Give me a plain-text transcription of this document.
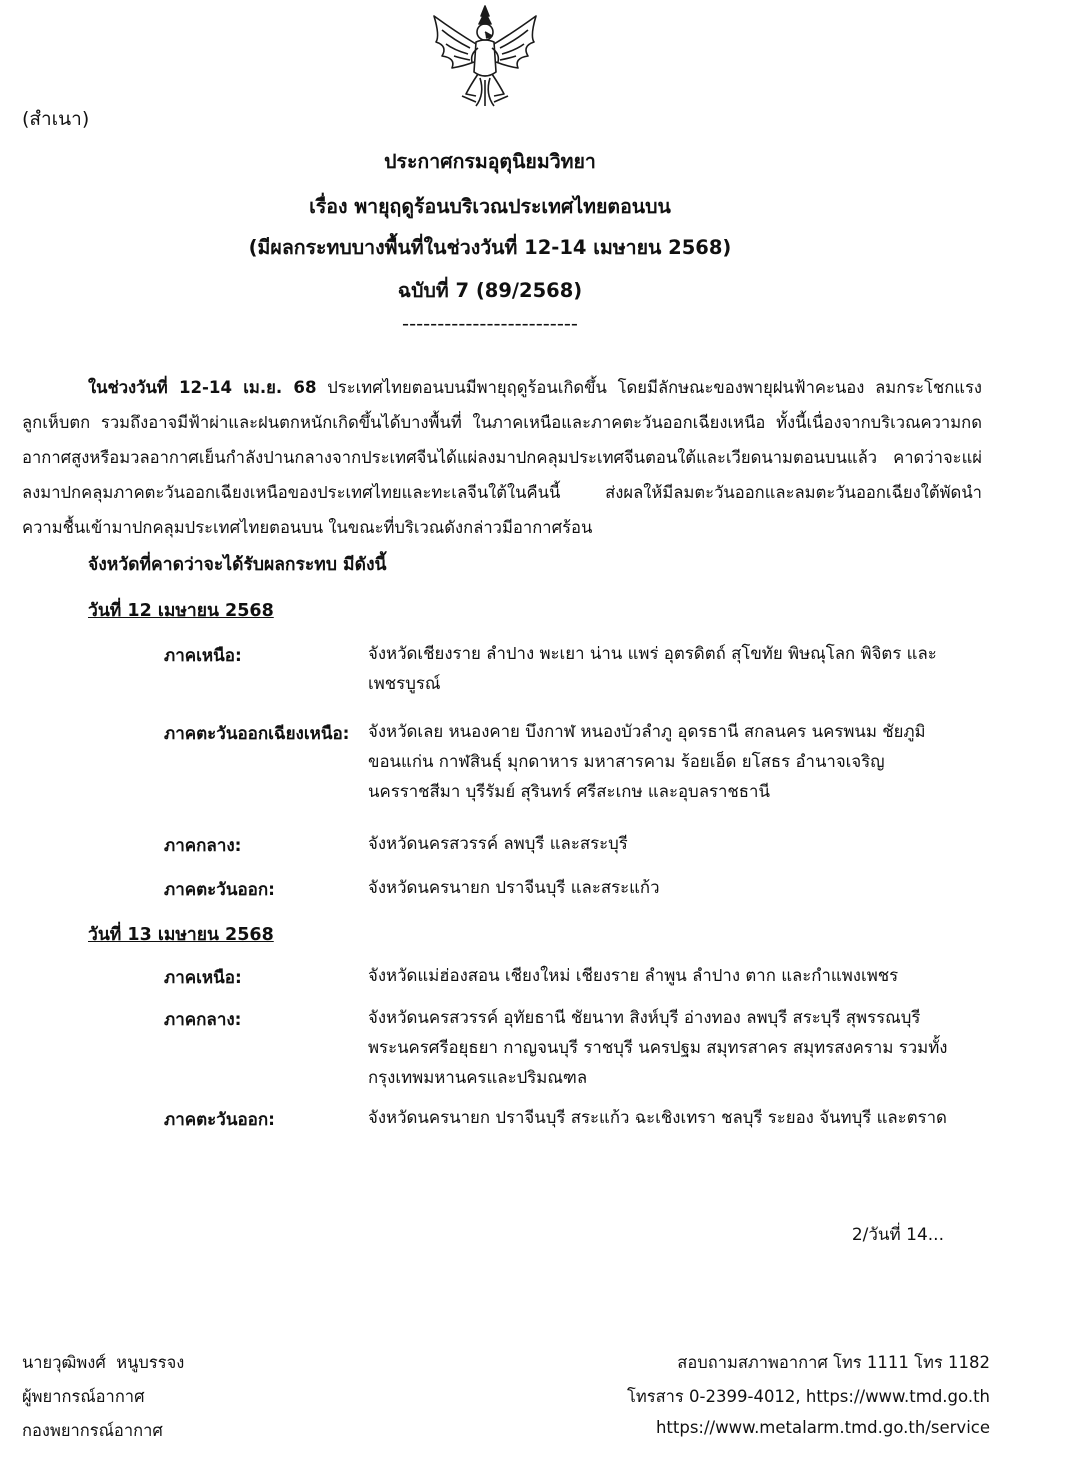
(สำเนา)
ประกาศกรมอุตุนิยมวิทยา
เรื่อง พายุฤดูร้อนบริเวณประเทศไทยตอนบน
(มีผลกระทบบางพื้นที่ในช่วงวันที่ 12-14 เมษายน 2568)
ฉบับที่ 7 (89/2568)
-------------------------
ในช่วงวันที่ 12-14 เม.ย. 68 ประเทศไทยตอนบนมีพายุฤดูร้อนเกิดขึ้น โดยมีลักษณะของพายุฝนฟ้าคะนอง ลมกระโชกแรง ลูกเห็บตก รวมถึงอาจมีฟ้าผ่าและฝนตกหนักเกิดขึ้นได้บางพื้นที่ ในภาคเหนือและภาคตะวันออกเฉียงเหนือ ทั้งนี้เนื่องจากบริเวณความกดอากาศสูงหรือมวลอากาศเย็นกำลังปานกลางจากประเทศจีนได้แผ่ลงมาปกคลุมประเทศจีนตอนใต้และเวียดนามตอนบนแล้ว คาดว่าจะแผ่ลงมาปกคลุมภาคตะวันออกเฉียงเหนือของประเทศไทยและทะเลจีนใต้ในคืนนี้ ส่งผลให้มีลมตะวันออกและลมตะวันออกเฉียงใต้พัดนำความชื้นเข้ามาปกคลุมประเทศไทยตอนบน ในขณะที่บริเวณดังกล่าวมีอากาศร้อน
จังหวัดที่คาดว่าจะได้รับผลกระทบ มีดังนี้
วันที่ 12 เมษายน 2568
ภาคเหนือ:	จังหวัดเชียงราย ลำปาง พะเยา น่าน แพร่ อุตรดิตถ์ สุโขทัย พิษณุโลก พิจิตร และเพชรบูรณ์
ภาคตะวันออกเฉียงเหนือ: จังหวัดเลย หนองคาย บึงกาฬ หนองบัวลำภู อุดรธานี สกลนคร นครพนม ชัยภูมิ ขอนแก่น กาฬสินธุ์ มุกดาหาร มหาสารคาม ร้อยเอ็ด ยโสธร อำนาจเจริญ นครราชสีมา บุรีรัมย์ สุรินทร์ ศรีสะเกษ และอุบลราชธานี
ภาคกลาง:	จังหวัดนครสวรรค์ ลพบุรี และสระบุรี
ภาคตะวันออก:	จังหวัดนครนายก ปราจีนบุรี และสระแก้ว
วันที่ 13 เมษายน 2568
ภาคเหนือ:	จังหวัดแม่ฮ่องสอน เชียงใหม่ เชียงราย ลำพูน ลำปาง ตาก และกำแพงเพชร
ภาคกลาง:	จังหวัดนครสวรรค์ อุทัยธานี ชัยนาท สิงห์บุรี อ่างทอง ลพบุรี สระบุรี สุพรรณบุรี พระนครศรีอยุธยา กาญจนบุรี ราชบุรี นครปฐม สมุทรสาคร สมุทรสงคราม รวมทั้งกรุงเทพมหานครและปริมณฑล
ภาคตะวันออก:	จังหวัดนครนายก ปราจีนบุรี สระแก้ว ฉะเชิงเทรา ชลบุรี ระยอง จันทบุรี และตราด
2/วันที่ 14...
นายวุฒิพงศ์  หนูบรรจง
ผู้พยากรณ์อากาศ
กองพยากรณ์อากาศ
สอบถามสภาพอากาศ โทร 1111 โทร 1182
โทรสาร 0-2399-4012, https://www.tmd.go.th
https://www.metalarm.tmd.go.th/service
